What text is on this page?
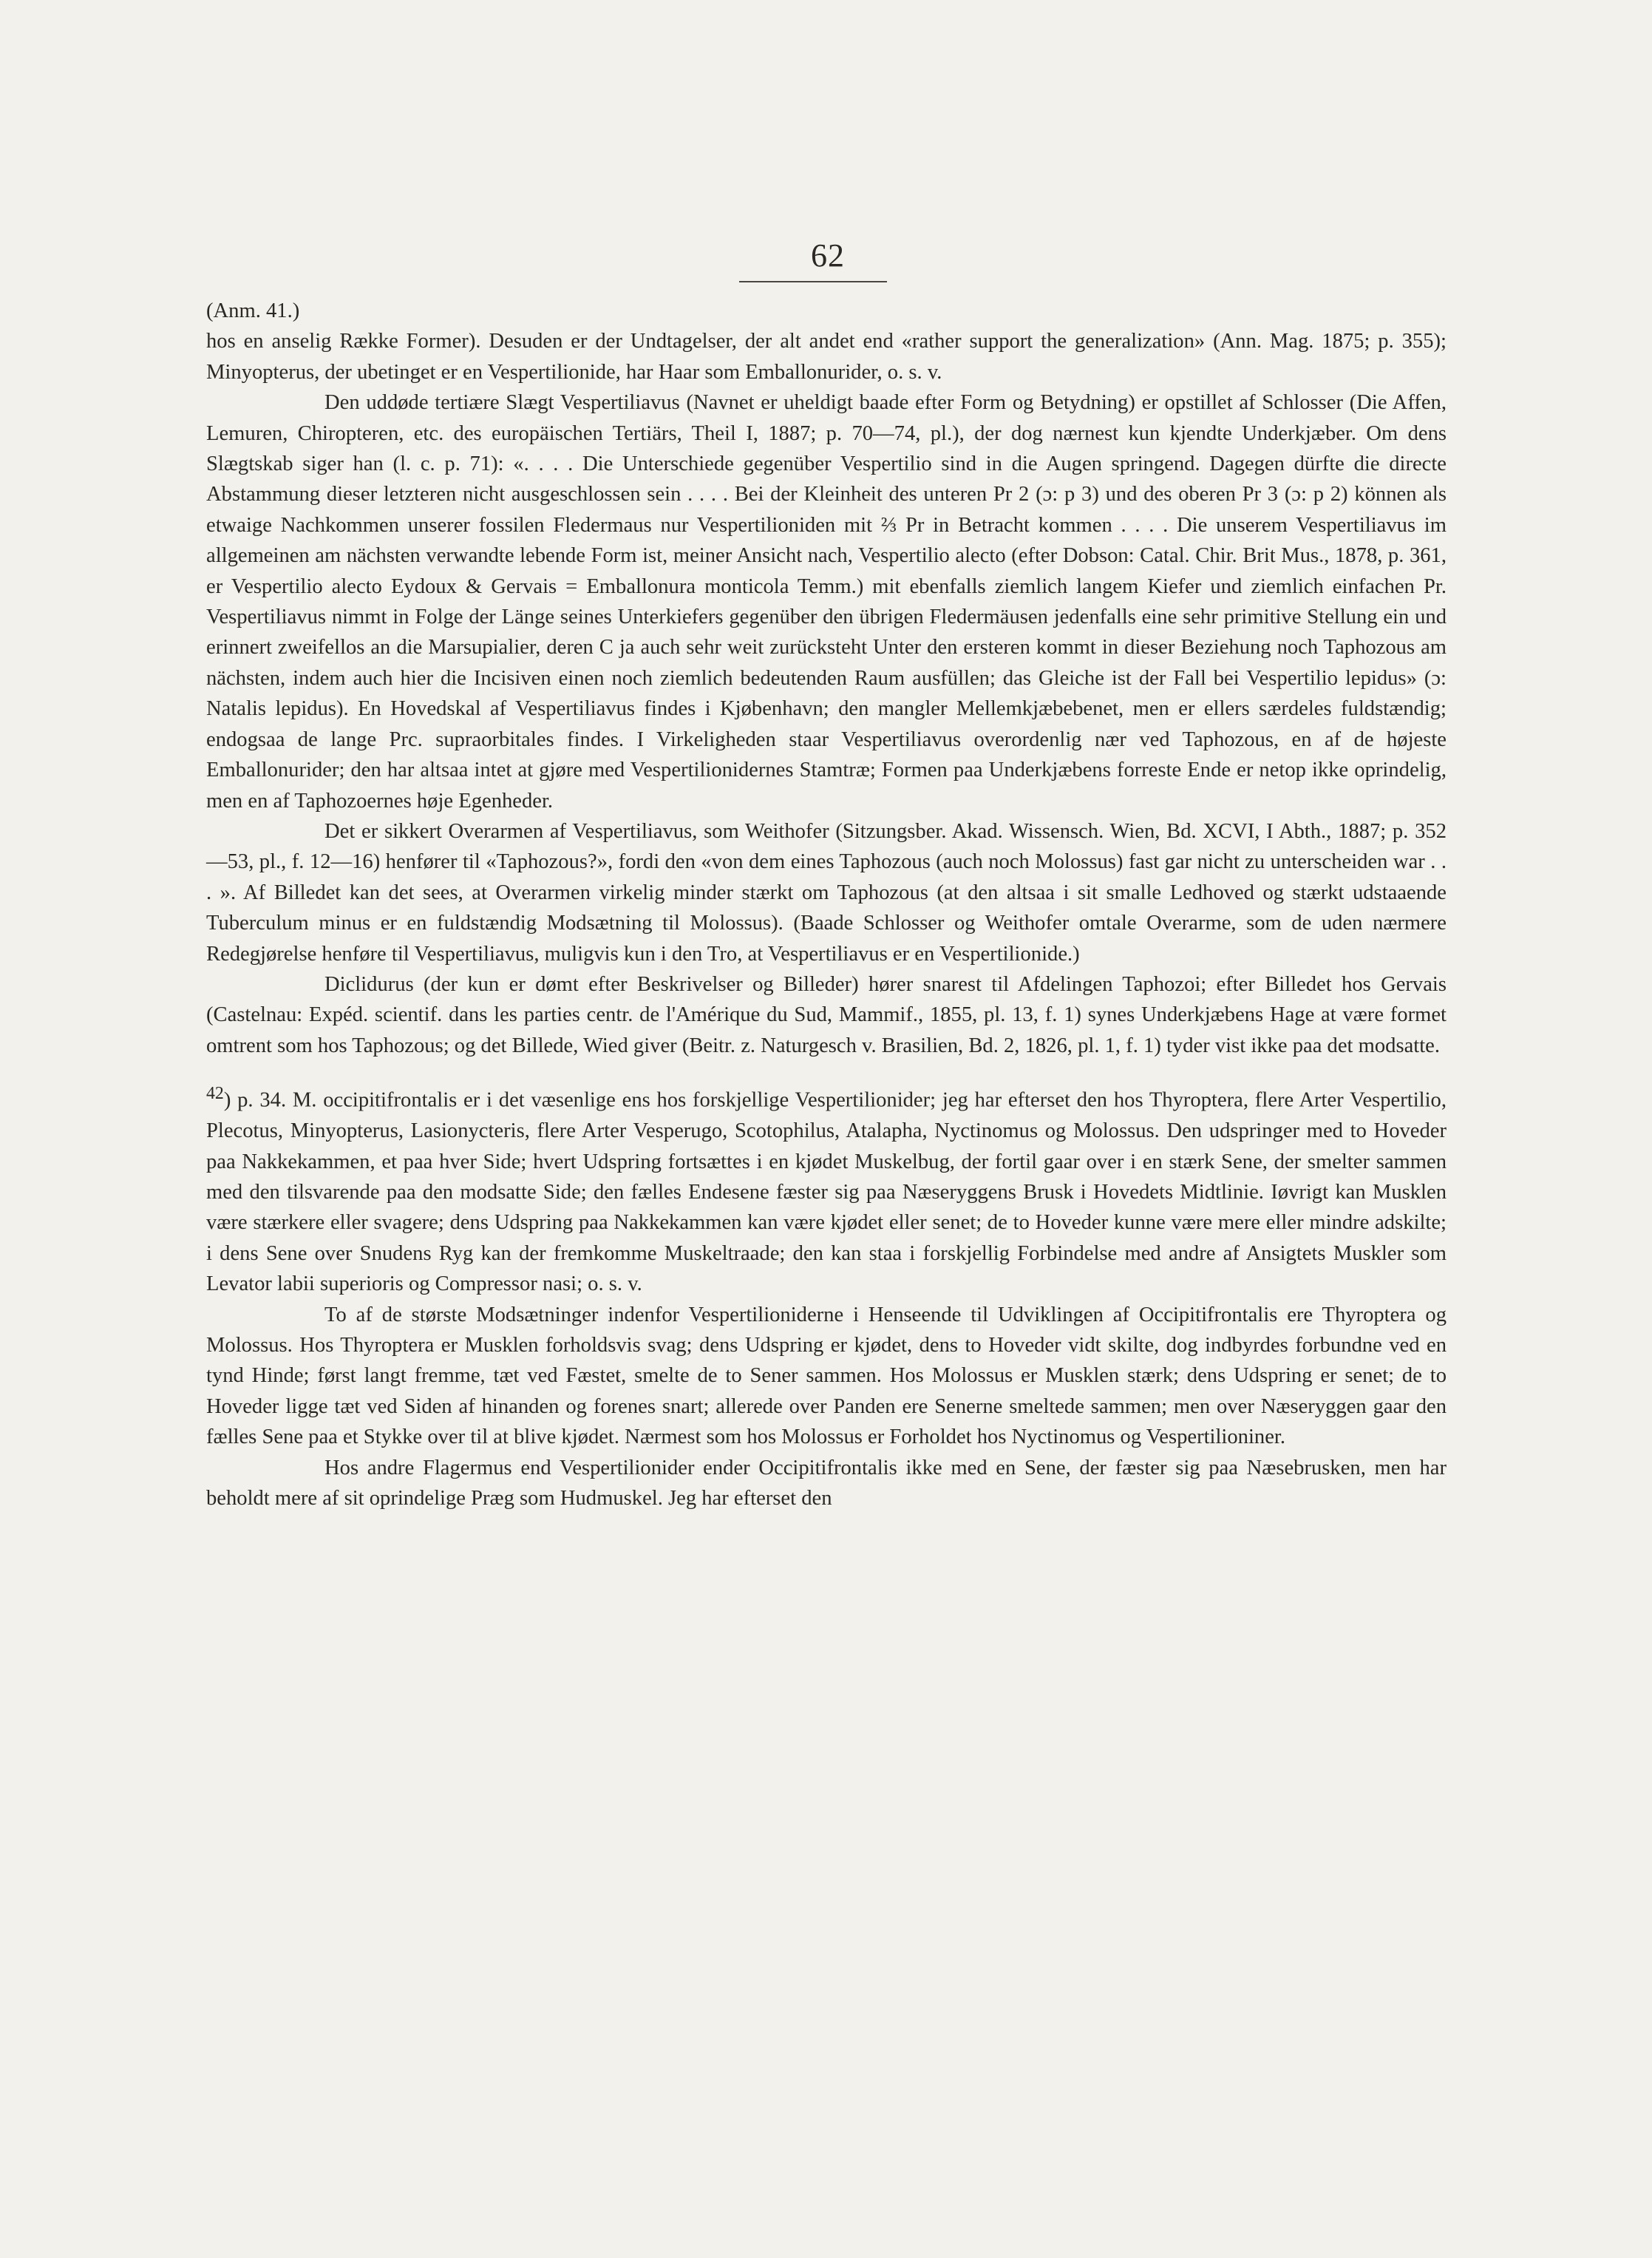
62

(Anm. 41.)

hos en anselig Række Former). Desuden er der Undtagelser, der alt andet end «rather support the generalization» (Ann. Mag. 1875; p. 355); Minyopterus, der ubetinget er en Vespertilionide, har Haar som Emballonurider, o. s. v.

Den uddøde tertiære Slægt Vespertiliavus (Navnet er uheldigt baade efter Form og Betydning) er opstillet af Schlosser (Die Affen, Lemuren, Chiropteren, etc. des europäischen Tertiärs, Theil I, 1887; p. 70—74, pl.), der dog nærnest kun kjendte Underkjæber. Om dens Slægtskab siger han (l. c. p. 71): «. . . . Die Unterschiede gegenüber Vespertilio sind in die Augen springend. Dagegen dürfte die directe Abstammung dieser letzteren nicht ausgeschlossen sein . . . . Bei der Kleinheit des unteren Pr 2 (ɔ: p 3) und des oberen Pr 3 (ɔ: p 2) können als etwaige Nachkommen unserer fossilen Fledermaus nur Vespertilioniden mit ⅔ Pr in Betracht kommen . . . . Die unserem Vespertiliavus im allgemeinen am nächsten verwandte lebende Form ist, meiner Ansicht nach, Vespertilio alecto (efter Dobson: Catal. Chir. Brit Mus., 1878, p. 361, er Vespertilio alecto Eydoux & Gervais = Emballonura monticola Temm.) mit ebenfalls ziemlich langem Kiefer und ziemlich einfachen Pr. Vespertiliavus nimmt in Folge der Länge seines Unterkiefers gegenüber den übrigen Fledermäusen jedenfalls eine sehr primitive Stellung ein und erinnert zweifellos an die Marsupialier, deren C ja auch sehr weit zurücksteht Unter den ersteren kommt in dieser Beziehung noch Taphozous am nächsten, indem auch hier die Incisiven einen noch ziemlich bedeutenden Raum ausfüllen; das Gleiche ist der Fall bei Vespertilio lepidus» (ɔ: Natalis lepidus). En Hovedskal af Vespertiliavus findes i Kjøbenhavn; den mangler Mellemkjæbebenet, men er ellers særdeles fuldstændig; endogsaa de lange Prc. supraorbitales findes. I Virkeligheden staar Vespertiliavus overordenlig nær ved Taphozous, en af de højeste Emballonurider; den har altsaa intet at gjøre med Vespertilionidernes Stamtræ; Formen paa Underkjæbens forreste Ende er netop ikke oprindelig, men en af Taphozoernes høje Egenheder.

Det er sikkert Overarmen af Vespertiliavus, som Weithofer (Sitzungsber. Akad. Wissensch. Wien, Bd. XCVI, I Abth., 1887; p. 352—53, pl., f. 12—16) henfører til «Taphozous?», fordi den «von dem eines Taphozous (auch noch Molossus) fast gar nicht zu unterscheiden war . . . ». Af Billedet kan det sees, at Overarmen virkelig minder stærkt om Taphozous (at den altsaa i sit smalle Ledhoved og stærkt udstaaende Tuberculum minus er en fuldstændig Modsætning til Molossus). (Baade Schlosser og Weithofer omtale Overarme, som de uden nærmere Redegjørelse henføre til Vespertiliavus, muligvis kun i den Tro, at Vespertiliavus er en Vespertilionide.)

Diclidurus (der kun er dømt efter Beskrivelser og Billeder) hører snarest til Afdelingen Taphozoi; efter Billedet hos Gervais (Castelnau: Expéd. scientif. dans les parties centr. de l'Amérique du Sud, Mammif., 1855, pl. 13, f. 1) synes Underkjæbens Hage at være formet omtrent som hos Taphozous; og det Billede, Wied giver (Beitr. z. Naturgesch v. Brasilien, Bd. 2, 1826, pl. 1, f. 1) tyder vist ikke paa det modsatte.

$^{42}$) p. 34. M. occipitifrontalis er i det væsenlige ens hos forskjellige Vespertilionider; jeg har efterset den hos Thyroptera, flere Arter Vespertilio, Plecotus, Minyopterus, Lasionycteris, flere Arter Vesperugo, Scotophilus, Atalapha, Nyctinomus og Molossus. Den udspringer med to Hoveder paa Nakkekammen, et paa hver Side; hvert Udspring fortsættes i en kjødet Muskelbug, der fortil gaar over i en stærk Sene, der smelter sammen med den tilsvarende paa den modsatte Side; den fælles Endesene fæster sig paa Næseryggens Brusk i Hovedets Midtlinie. Iøvrigt kan Musklen være stærkere eller svagere; dens Udspring paa Nakkekammen kan være kjødet eller senet; de to Hoveder kunne være mere eller mindre adskilte; i dens Sene over Snudens Ryg kan der fremkomme Muskeltraade; den kan staa i forskjellig Forbindelse med andre af Ansigtets Muskler som Levator labii superioris og Compressor nasi; o. s. v.

To af de største Modsætninger indenfor Vespertilioniderne i Henseende til Udviklingen af Occipitifrontalis ere Thyroptera og Molossus. Hos Thyroptera er Musklen forholdsvis svag; dens Udspring er kjødet, dens to Hoveder vidt skilte, dog indbyrdes forbundne ved en tynd Hinde; først langt fremme, tæt ved Fæstet, smelte de to Sener sammen. Hos Molossus er Musklen stærk; dens Udspring er senet; de to Hoveder ligge tæt ved Siden af hinanden og forenes snart; allerede over Panden ere Senerne smeltede sammen; men over Næseryggen gaar den fælles Sene paa et Stykke over til at blive kjødet. Nærmest som hos Molossus er Forholdet hos Nyctinomus og Vespertilioniner.

Hos andre Flagermus end Vespertilionider ender Occipitifrontalis ikke med en Sene, der fæster sig paa Næsebrusken, men har beholdt mere af sit oprindelige Præg som Hudmuskel. Jeg har efterset den
